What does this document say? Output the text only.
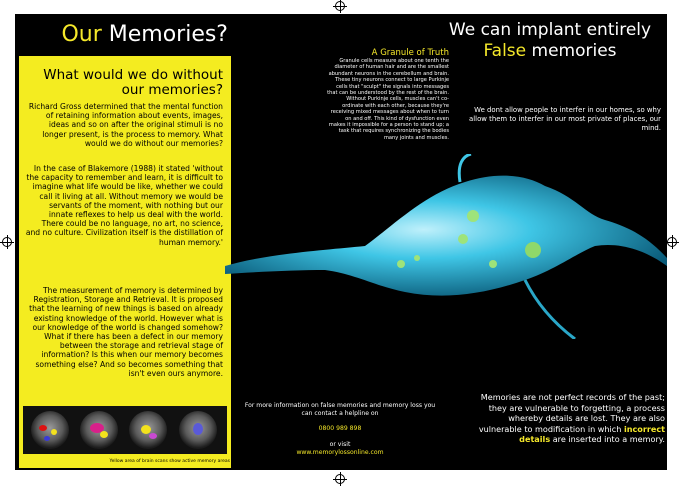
Our Memories?
What would we do without our memories?

Richard Gross determined that the mental function of retaining information about events, images, ideas and so on after the original stimuli is no longer present, is the process to memory. What would we do without our memories?

In the case of Blakemore (1988) it stated 'without the capacity to remember and learn, it is difficult to imagine what life would be like, whether we could call it living at all. Without memory we would be servants of the moment, with nothing but our innate reflexes to help us deal with the world. There could be no language, no art, no science, and no culture. Civilization itself is the distillation of human memory.'

The measurement of memory is determined by Registration, Storage and Retrieval. It is proposed that the learning of new things is based on already existing knowledge of the world. However what is our knowledge of the world is changed somehow? What if there has been a defect in our memory between the storage and retrieval stage of information? Is this when our memory becomes something else? And so becomes something that isn't even ours anymore.

Yellow area of brain scans show active memory areas
We can implant entirely
False memories
A Granule of Truth
Granule cells measure about one tenth the diameter of human hair and are the smallest abundant neurons in the cerebellum and brain. These tiny neurons connect to large Purkinje cells that "sculpt" the signals into messages that can be understood by the rest of the brain. Without Purkinje cells, muscles can't co-ordinate with each other, because they're receiving mixed messages about when to turn on and off. This kind of dysfunction even makes it impossible for a person to stand up; a task that requires synchronizing the bodies many joints and muscles.
We dont allow people to interfer in our homes, so why allow them to interfer in our most private of places, our mind.
For more information on false memories and memory loss you can contact a helpline on
0800 989 898
or visit
www.memorylossonline.com
Memories are not perfect records of the past; they are vulnerable to forgetting, a process whereby details are lost. They are also vulnerable to modification in which incorrect details are inserted into a memory.
